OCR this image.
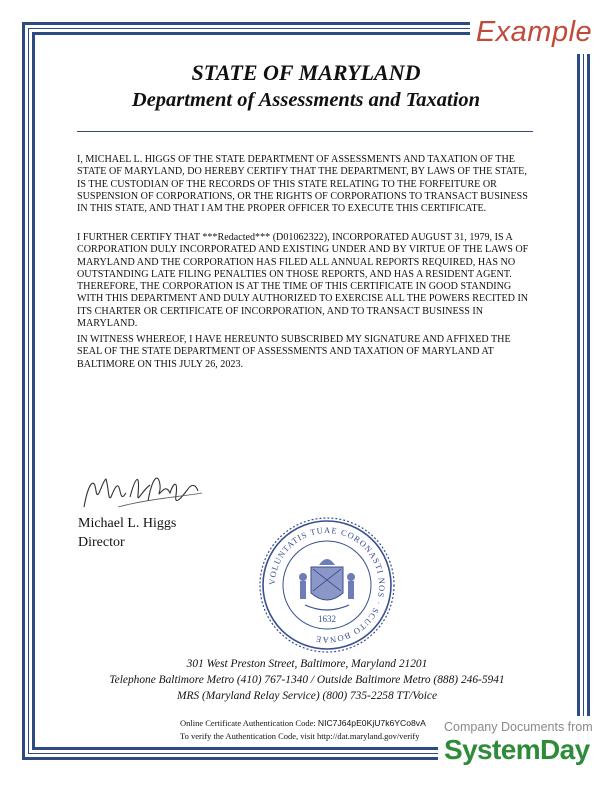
Example
STATE OF MARYLAND
Department of Assessments and Taxation
I, MICHAEL L. HIGGS OF THE STATE DEPARTMENT OF ASSESSMENTS AND TAXATION OF THE STATE OF MARYLAND, DO HEREBY CERTIFY THAT THE DEPARTMENT, BY LAWS OF THE STATE, IS THE CUSTODIAN OF THE RECORDS OF THIS STATE RELATING TO THE FORFEITURE OR SUSPENSION OF CORPORATIONS, OR THE RIGHTS OF CORPORATIONS TO TRANSACT BUSINESS IN THIS STATE, AND THAT I AM THE PROPER OFFICER TO EXECUTE THIS CERTIFICATE.
I FURTHER CERTIFY THAT ***Redacted*** (D01062322), INCORPORATED AUGUST 31, 1979, IS A CORPORATION DULY INCORPORATED AND EXISTING UNDER AND BY VIRTUE OF THE LAWS OF MARYLAND AND THE CORPORATION HAS FILED ALL ANNUAL REPORTS REQUIRED, HAS NO OUTSTANDING LATE FILING PENALTIES ON THOSE REPORTS, AND HAS A RESIDENT AGENT. THEREFORE, THE CORPORATION IS AT THE TIME OF THIS CERTIFICATE IN GOOD STANDING WITH THIS DEPARTMENT AND DULY AUTHORIZED TO EXERCISE ALL THE POWERS RECITED IN ITS CHARTER OR CERTIFICATE OF INCORPORATION, AND TO TRANSACT BUSINESS IN MARYLAND.
IN WITNESS WHEREOF, I HAVE HEREUNTO SUBSCRIBED MY SIGNATURE AND AFFIXED THE SEAL OF THE STATE DEPARTMENT OF ASSESSMENTS AND TAXATION OF MARYLAND AT BALTIMORE ON THIS JULY 26, 2023.
Michael L. Higgs
Director
VOLUNTATIS TUAE CORONASTI NOS · SCUTO BONAE
1632
301 West Preston Street, Baltimore, Maryland 21201
Telephone Baltimore Metro (410) 767-1340 / Outside Baltimore Metro (888) 246-5941
MRS (Maryland Relay Service) (800) 735-2258 TT/Voice
Online Certificate Authentication Code: NIC7J64pE0KjU7k6YCo8vA
To verify the Authentication Code, visit http://dat.maryland.gov/verify
Company Documents from
SystemDay
